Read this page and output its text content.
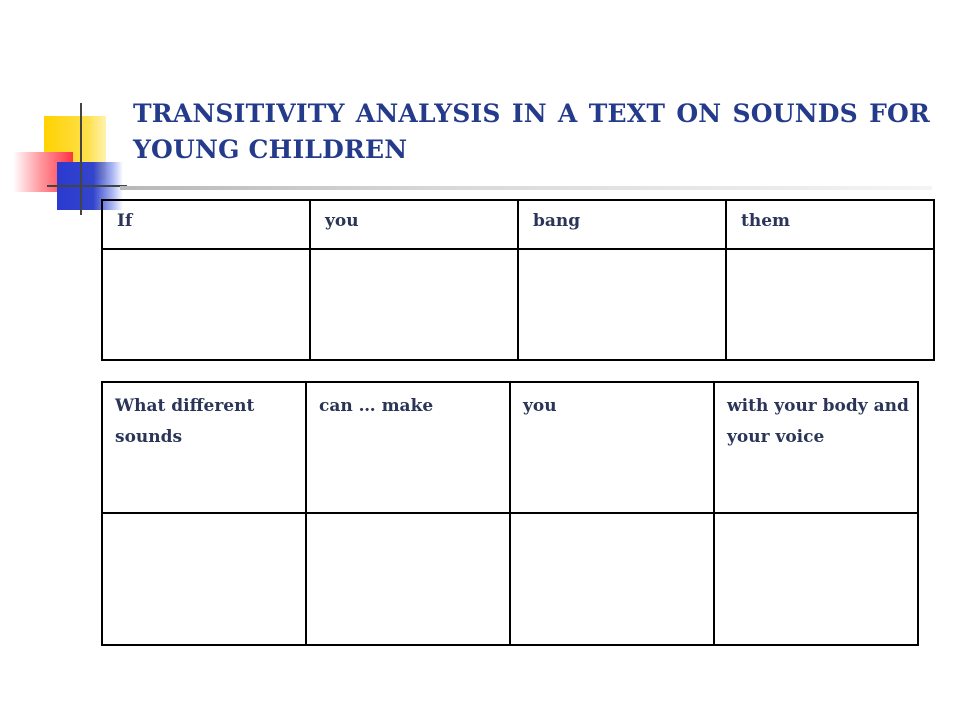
TRANSITIVITY ANALYSIS IN A TEXT ON SOUNDS FOR YOUNG CHILDREN
If	you	bang	them

What different sounds	can … make	you	with your body and your voice
